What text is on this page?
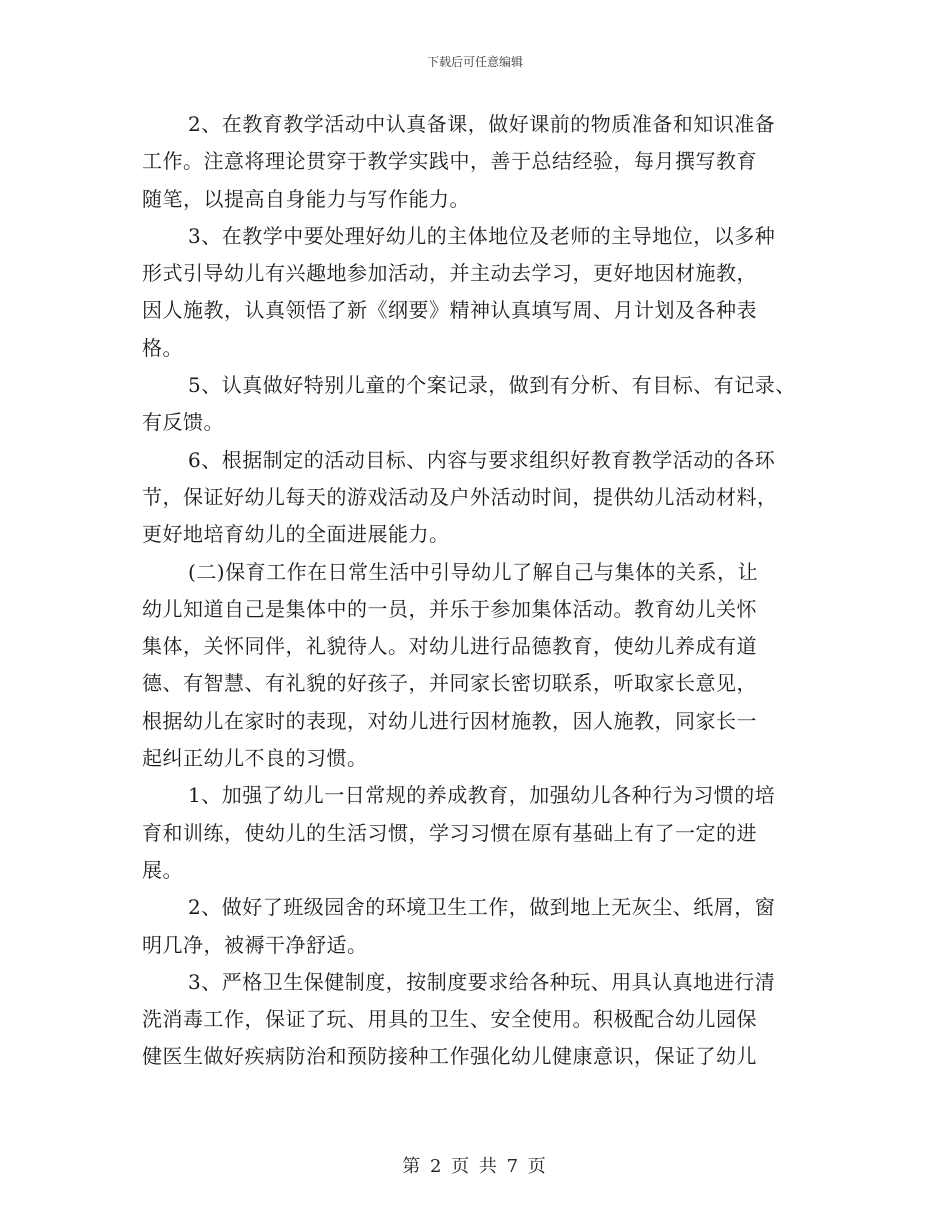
下载后可任意编辑
2、在教育教学活动中认真备课，做好课前的物质准备和知识准备
工作。注意将理论贯穿于教学实践中，善于总结经验，每月撰写教育
随笔，以提高自身能力与写作能力。
3、在教学中要处理好幼儿的主体地位及老师的主导地位，以多种
形式引导幼儿有兴趣地参加活动，并主动去学习，更好地因材施教，
因人施教，认真领悟了新《纲要》精神认真填写周、月计划及各种表
格。
5、认真做好特别儿童的个案记录，做到有分析、有目标、有记录、
有反馈。
6、根据制定的活动目标、内容与要求组织好教育教学活动的各环
节，保证好幼儿每天的游戏活动及户外活动时间，提供幼儿活动材料，
更好地培育幼儿的全面进展能力。
(二)保育工作在日常生活中引导幼儿了解自己与集体的关系，让
幼儿知道自己是集体中的一员，并乐于参加集体活动。教育幼儿关怀
集体，关怀同伴，礼貌待人。对幼儿进行品德教育，使幼儿养成有道
德、有智慧、有礼貌的好孩子，并同家长密切联系，听取家长意见，
根据幼儿在家时的表现，对幼儿进行因材施教，因人施教，同家长一
起纠正幼儿不良的习惯。
1、加强了幼儿一日常规的养成教育，加强幼儿各种行为习惯的培
育和训练，使幼儿的生活习惯，学习习惯在原有基础上有了一定的进
展。
2、做好了班级园舍的环境卫生工作，做到地上无灰尘、纸屑，窗
明几净，被褥干净舒适。
3、严格卫生保健制度，按制度要求给各种玩、用具认真地进行清
洗消毒工作，保证了玩、用具的卫生、安全使用。积极配合幼儿园保
健医生做好疾病防治和预防接种工作强化幼儿健康意识，保证了幼儿
第 2 页 共 7 页
